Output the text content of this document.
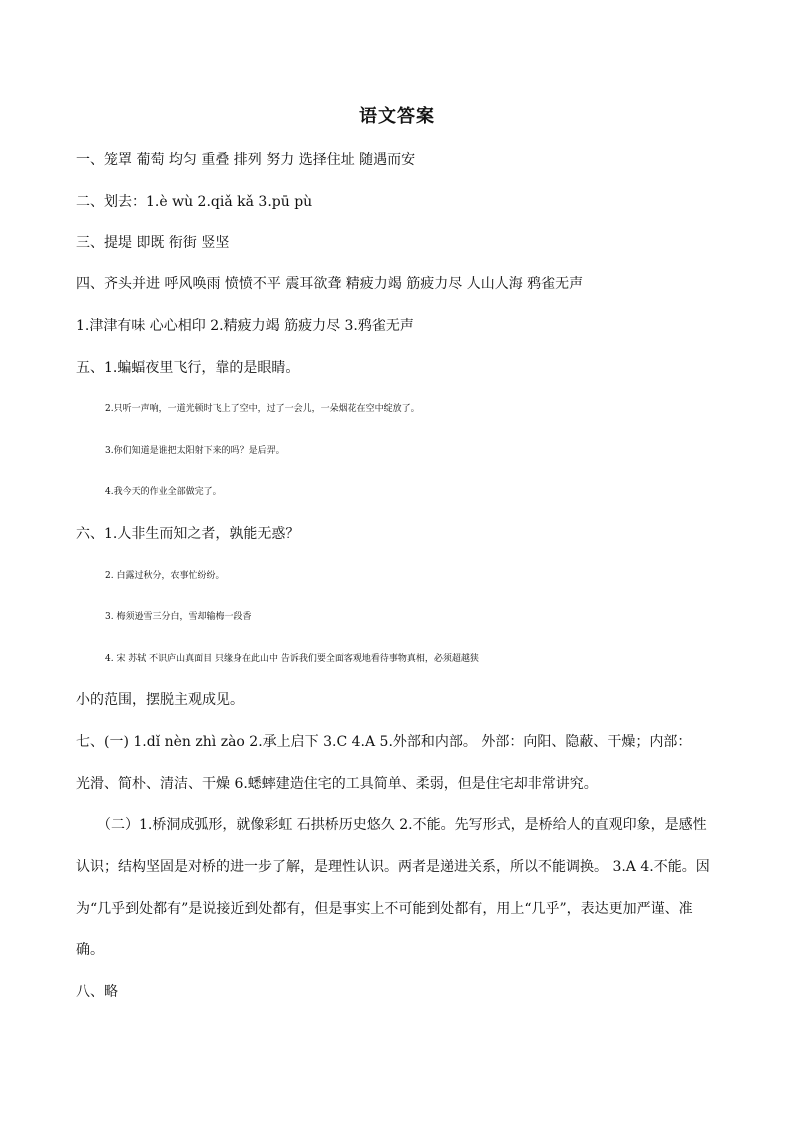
语文答案
一、笼罩 葡萄 均匀 重叠 排列 努力 选择住址 随遇而安
二、划去：1.è wù 2.qiǎ kǎ 3.pū pù
三、提堤 即既 衔街 竖坚
四、齐头并进 呼风唤雨 愤愤不平 震耳欲聋 精疲力竭 筋疲力尽 人山人海 鸦雀无声
1.津津有味 心心相印 2.精疲力竭 筋疲力尽 3.鸦雀无声
五、1.蝙蝠夜里飞行，靠的是眼睛。
2.只听一声响，一道光顿时飞上了空中，过了一会儿，一朵烟花在空中绽放了。
3.你们知道是谁把太阳射下来的吗？是后羿。
4.我今天的作业全部做完了。
六、1.人非生而知之者，孰能无惑？
2. 白露过秋分，农事忙纷纷。
3. 梅须逊雪三分白，雪却输梅一段香
4. 宋 苏轼 不识庐山真面目 只缘身在此山中 告诉我们要全面客观地看待事物真相，必须超越狭
小的范围，摆脱主观成见。
七、(一) 1.dǐ nèn zhì zào 2.承上启下 3.C 4.A 5.外部和内部。 外部：向阳、隐蔽、干燥；内部：
光滑、简朴、清洁、干燥 6.蟋蟀建造住宅的工具简单、柔弱，但是住宅却非常讲究。
（二）1.桥洞成弧形，就像彩虹 石拱桥历史悠久 2.不能。先写形式，是桥给人的直观印象，是感性
认识；结构坚固是对桥的进一步了解，是理性认识。两者是递进关系，所以不能调换。 3.A 4.不能。因
为“几乎到处都有”是说接近到处都有，但是事实上不可能到处都有，用上“几乎”，表达更加严谨、准
确。
八、略
